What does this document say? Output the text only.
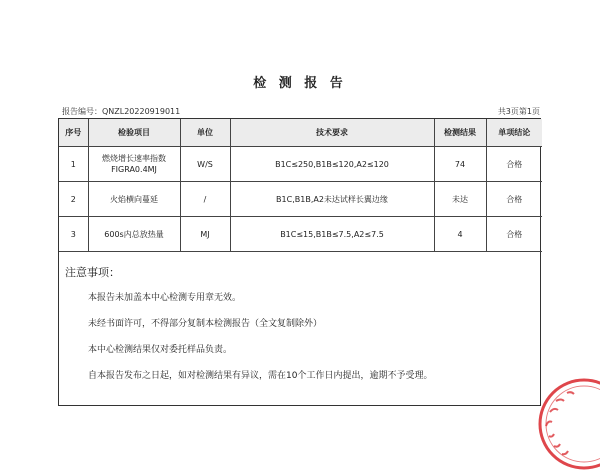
检 测 报 告
报告编号：QNZL20220919011	共3页第1页
序号	检验项目	单位	技术要求	检测结果	单项结论
1	燃烧增长速率指数FIGRA0.4MJ	W/S	B1C≤250,B1B≤120,A2≤120	74	合格
2	火焰横向蔓延	/	B1C,B1B,A2未达试样长翼边缘	未达	合格
3	600s内总放热量	MJ	B1C≤15,B1B≤7.5,A2≤7.5	4	合格
注意事项：
本报告未加盖本中心检测专用章无效。
未经书面许可，不得部分复制本检测报告（全文复制除外）
本中心检测结果仅对委托样品负责。
自本报告发布之日起，如对检测结果有异议，需在10个工作日内提出，逾期不予受理。
